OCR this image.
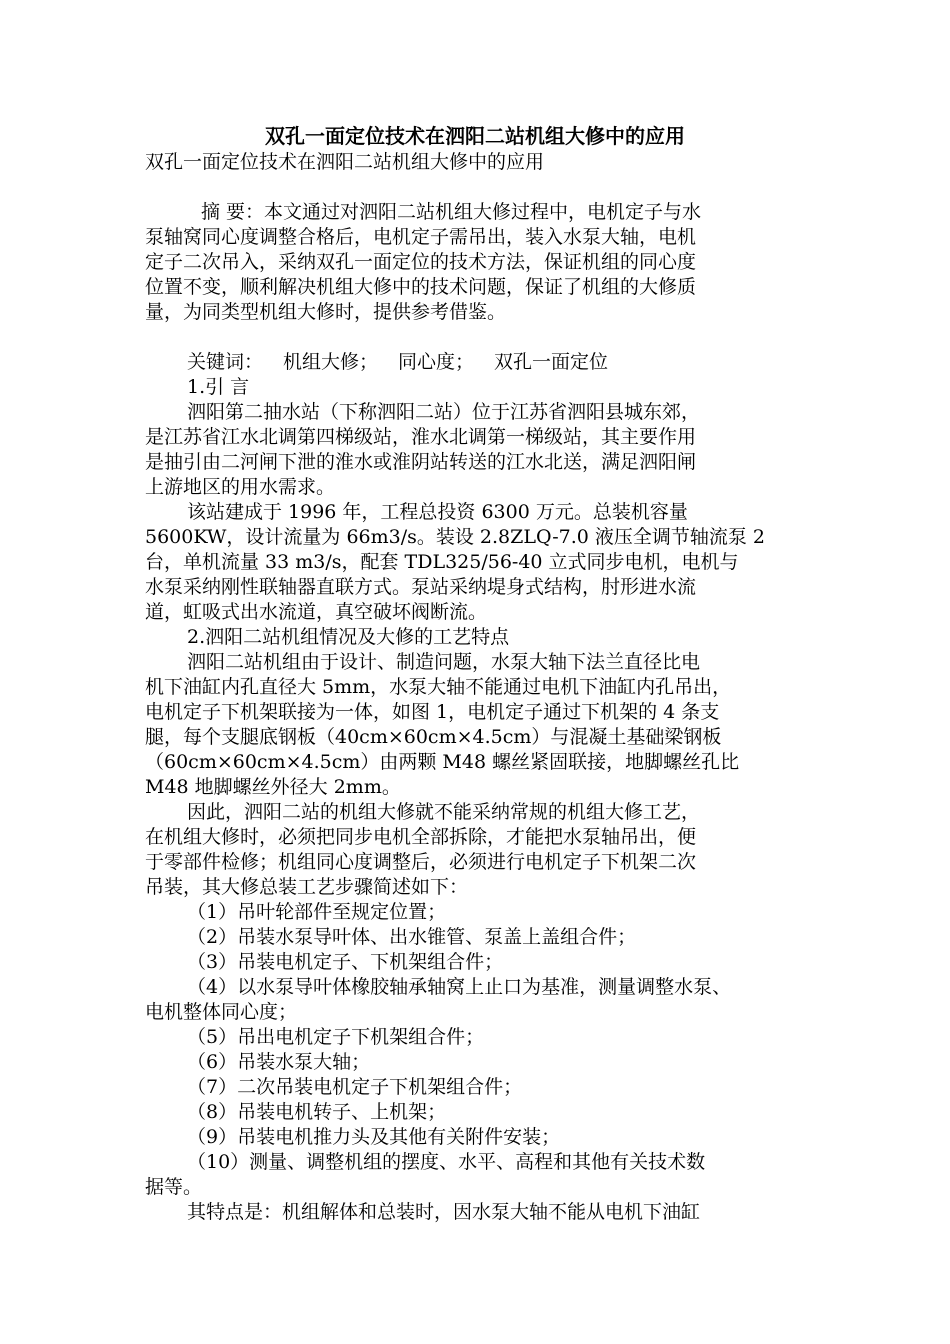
双孔一面定位技术在泗阳二站机组大修中的应用

双孔一面定位技术在泗阳二站机组大修中的应用

摘 要：本文通过对泗阳二站机组大修过程中，电机定子与水

泵轴窝同心度调整合格后，电机定子需吊出，装入水泵大轴，电机

定子二次吊入，采纳双孔一面定位的技术方法，保证机组的同心度

位置不变，顺利解决机组大修中的技术问题，保证了机组的大修质

量，为同类型机组大修时，提供参考借鉴。

关键词： 机组大修； 同心度； 双孔一面定位

1.引 言

泗阳第二抽水站（下称泗阳二站）位于江苏省泗阳县城东郊，

是江苏省江水北调第四梯级站，淮水北调第一梯级站，其主要作用

是抽引由二河闸下泄的淮水或淮阴站转送的江水北送，满足泗阳闸

上游地区的用水需求。

该站建成于 1996 年，工程总投资 6300 万元。总装机容量

5600KW，设计流量为 66m3/s。装设 2.8ZLQ-7.0 液压全调节轴流泵 2

台，单机流量 33 m3/s，配套 TDL325/56-40 立式同步电机，电机与

水泵采纳刚性联轴器直联方式。泵站采纳堤身式结构，肘形进水流

道，虹吸式出水流道，真空破坏阀断流。

2.泗阳二站机组情况及大修的工艺特点

泗阳二站机组由于设计、制造问题，水泵大轴下法兰直径比电

机下油缸内孔直径大 5mm，水泵大轴不能通过电机下油缸内孔吊出，

电机定子下机架联接为一体，如图 1，电机定子通过下机架的 4 条支

腿，每个支腿底钢板（40cm×60cm×4.5cm）与混凝土基础梁钢板

（60cm×60cm×4.5cm）由两颗 M48 螺丝紧固联接，地脚螺丝孔比

M48 地脚螺丝外径大 2mm。

因此，泗阳二站的机组大修就不能采纳常规的机组大修工艺，

在机组大修时，必须把同步电机全部拆除，才能把水泵轴吊出，便

于零部件检修；机组同心度调整后，必须进行电机定子下机架二次

吊装，其大修总装工艺步骤简述如下：

（1）吊叶轮部件至规定位置；

（2）吊装水泵导叶体、出水锥管、泵盖上盖组合件；

（3）吊装电机定子、下机架组合件；

（4）以水泵导叶体橡胶轴承轴窝上止口为基准，测量调整水泵、

电机整体同心度；

（5）吊出电机定子下机架组合件；

（6）吊装水泵大轴；

（7）二次吊装电机定子下机架组合件；

（8）吊装电机转子、上机架；

（9）吊装电机推力头及其他有关附件安装；

（10）测量、调整机组的摆度、水平、高程和其他有关技术数

据等。

其特点是：机组解体和总装时，因水泵大轴不能从电机下油缸
